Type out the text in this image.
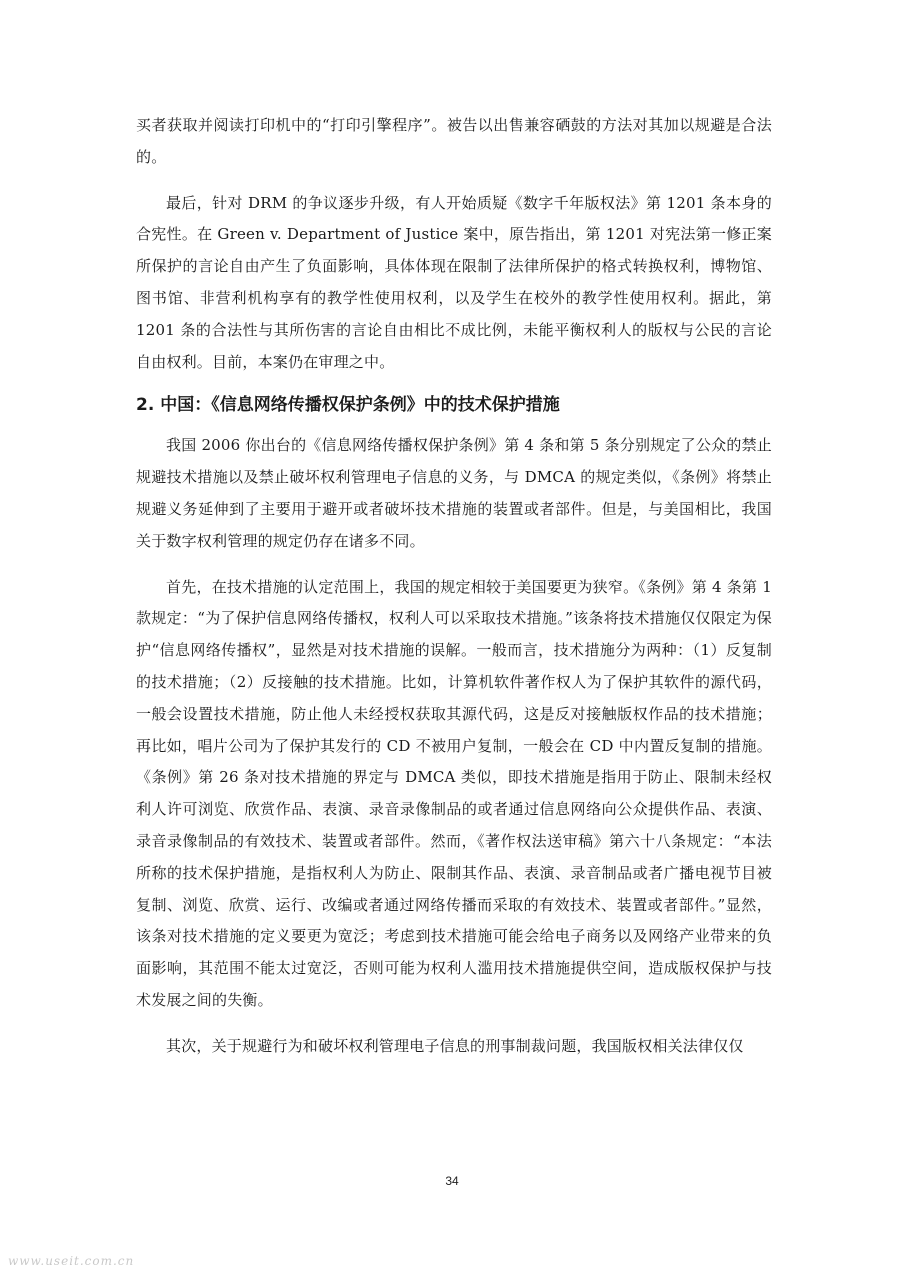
买者获取并阅读打印机中的“打印引擎程序”。被告以出售兼容硒鼓的方法对其加以规避是合法的。

最后，针对 DRM 的争议逐步升级，有人开始质疑《数字千年版权法》第 1201 条本身的合宪性。在 Green v. Department of Justice 案中，原告指出，第 1201 对宪法第一修正案所保护的言论自由产生了负面影响，具体体现在限制了法律所保护的格式转换权利，博物馆、图书馆、非营利机构享有的教学性使用权利，以及学生在校外的教学性使用权利。据此，第 1201 条的合法性与其所伤害的言论自由相比不成比例，未能平衡权利人的版权与公民的言论自由权利。目前，本案仍在审理之中。

2. 中国：《信息网络传播权保护条例》中的技术保护措施

我国 2006 你出台的《信息网络传播权保护条例》第 4 条和第 5 条分别规定了公众的禁止规避技术措施以及禁止破坏权利管理电子信息的义务，与 DMCA 的规定类似，《条例》将禁止规避义务延伸到了主要用于避开或者破坏技术措施的装置或者部件。但是，与美国相比，我国关于数字权利管理的规定仍存在诸多不同。

首先，在技术措施的认定范围上，我国的规定相较于美国要更为狭窄。《条例》第 4 条第 1 款规定：“为了保护信息网络传播权，权利人可以采取技术措施。”该条将技术措施仅仅限定为保护“信息网络传播权”，显然是对技术措施的误解。一般而言，技术措施分为两种：（1）反复制的技术措施；（2）反接触的技术措施。比如，计算机软件著作权人为了保护其软件的源代码，一般会设置技术措施，防止他人未经授权获取其源代码，这是反对接触版权作品的技术措施；再比如，唱片公司为了保护其发行的 CD 不被用户复制，一般会在 CD 中内置反复制的措施。《条例》第 26 条对技术措施的界定与 DMCA 类似，即技术措施是指用于防止、限制未经权利人许可浏览、欣赏作品、表演、录音录像制品的或者通过信息网络向公众提供作品、表演、录音录像制品的有效技术、装置或者部件。然而，《著作权法送审稿》第六十八条规定：“本法所称的技术保护措施，是指权利人为防止、限制其作品、表演、录音制品或者广播电视节目被复制、浏览、欣赏、运行、改编或者通过网络传播而采取的有效技术、装置或者部件。”显然，该条对技术措施的定义要更为宽泛；考虑到技术措施可能会给电子商务以及网络产业带来的负面影响，其范围不能太过宽泛，否则可能为权利人滥用技术措施提供空间，造成版权保护与技术发展之间的失衡。

其次，关于规避行为和破坏权利管理电子信息的刑事制裁问题，我国版权相关法律仅仅

34
www.useit.com.cn
